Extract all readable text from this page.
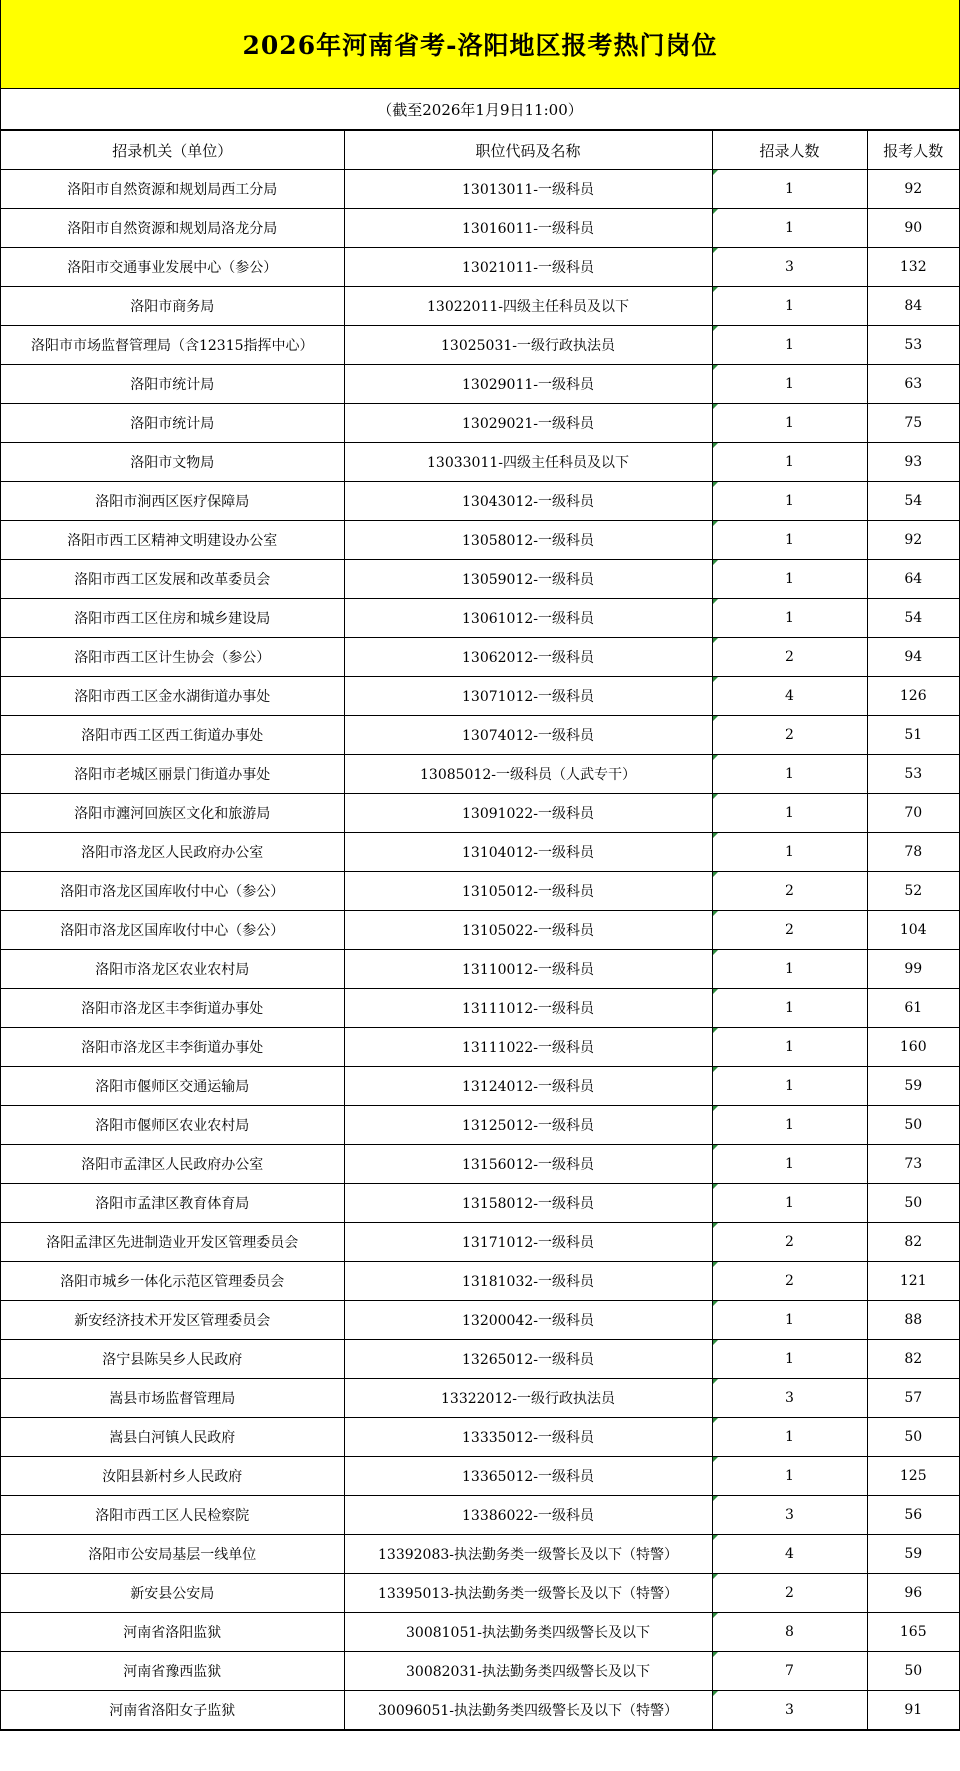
2026年河南省考-洛阳地区报考热门岗位
（截至2026年1月9日11:00）
招录机关（单位）	职位代码及名称	招录人数	报考人数
洛阳市自然资源和规划局西工分局	13013011-一级科员	1	92
洛阳市自然资源和规划局洛龙分局	13016011-一级科员	1	90
洛阳市交通事业发展中心（参公）	13021011-一级科员	3	132
洛阳市商务局	13022011-四级主任科员及以下	1	84
洛阳市市场监督管理局（含12315指挥中心）	13025031-一级行政执法员	1	53
洛阳市统计局	13029011-一级科员	1	63
洛阳市统计局	13029021-一级科员	1	75
洛阳市文物局	13033011-四级主任科员及以下	1	93
洛阳市涧西区医疗保障局	13043012-一级科员	1	54
洛阳市西工区精神文明建设办公室	13058012-一级科员	1	92
洛阳市西工区发展和改革委员会	13059012-一级科员	1	64
洛阳市西工区住房和城乡建设局	13061012-一级科员	1	54
洛阳市西工区计生协会（参公）	13062012-一级科员	2	94
洛阳市西工区金水湖街道办事处	13071012-一级科员	4	126
洛阳市西工区西工街道办事处	13074012-一级科员	2	51
洛阳市老城区丽景门街道办事处	13085012-一级科员（人武专干）	1	53
洛阳市瀍河回族区文化和旅游局	13091022-一级科员	1	70
洛阳市洛龙区人民政府办公室	13104012-一级科员	1	78
洛阳市洛龙区国库收付中心（参公）	13105012-一级科员	2	52
洛阳市洛龙区国库收付中心（参公）	13105022-一级科员	2	104
洛阳市洛龙区农业农村局	13110012-一级科员	1	99
洛阳市洛龙区丰李街道办事处	13111012-一级科员	1	61
洛阳市洛龙区丰李街道办事处	13111022-一级科员	1	160
洛阳市偃师区交通运输局	13124012-一级科员	1	59
洛阳市偃师区农业农村局	13125012-一级科员	1	50
洛阳市孟津区人民政府办公室	13156012-一级科员	1	73
洛阳市孟津区教育体育局	13158012-一级科员	1	50
洛阳孟津区先进制造业开发区管理委员会	13171012-一级科员	2	82
洛阳市城乡一体化示范区管理委员会	13181032-一级科员	2	121
新安经济技术开发区管理委员会	13200042-一级科员	1	88
洛宁县陈吴乡人民政府	13265012-一级科员	1	82
嵩县市场监督管理局	13322012-一级行政执法员	3	57
嵩县白河镇人民政府	13335012-一级科员	1	50
汝阳县新村乡人民政府	13365012-一级科员	1	125
洛阳市西工区人民检察院	13386022-一级科员	3	56
洛阳市公安局基层一线单位	13392083-执法勤务类一级警长及以下（特警）	4	59
新安县公安局	13395013-执法勤务类一级警长及以下（特警）	2	96
河南省洛阳监狱	30081051-执法勤务类四级警长及以下	8	165
河南省豫西监狱	30082031-执法勤务类四级警长及以下	7	50
河南省洛阳女子监狱	30096051-执法勤务类四级警长及以下（特警）	3	91
